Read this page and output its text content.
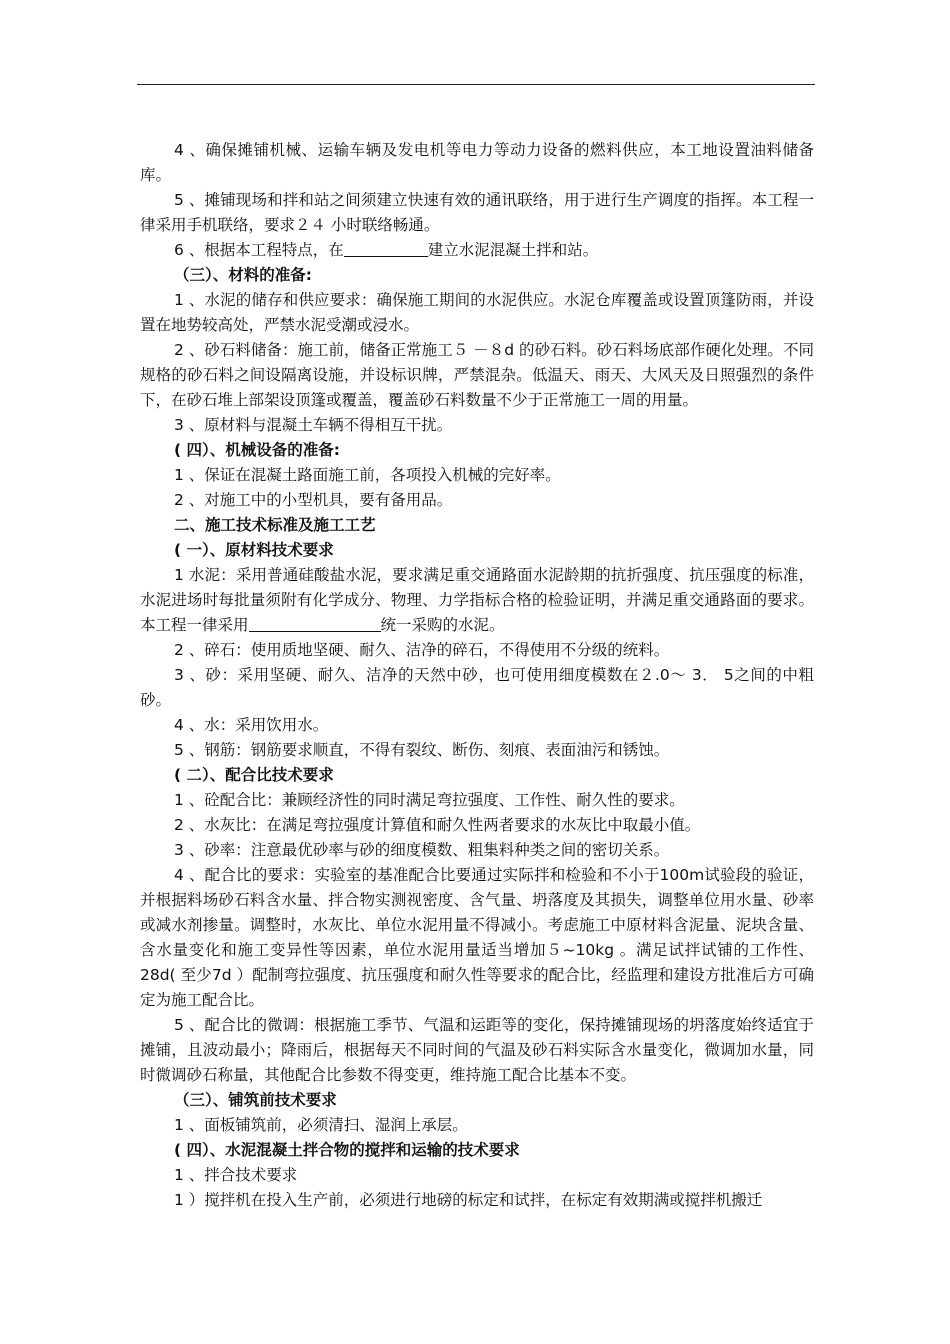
4 、确保摊铺机械、运输车辆及发电机等电力等动力设备的燃料供应，本工地设置油料储备库。

5 、摊铺现场和拌和站之间须建立快速有效的通讯联络，用于进行生产调度的指挥。本工程一律采用手机联络，要求２４ 小时联络畅通。

6 、根据本工程特点，在	建立水泥混凝土拌和站。

（三）、材料的准备:

1 、水泥的储存和供应要求：确保施工期间的水泥供应。水泥仓库覆盖或设置顶篷防雨，并设置在地势较高处，严禁水泥受潮或浸水。

2 、砂石料储备：施工前，储备正常施工５ －８d 的砂石料。砂石料场底部作硬化处理。不同规格的砂石料之间设隔离设施，并设标识牌，严禁混杂。低温天、雨天、大风天及日照强烈的条件下，在砂石堆上部架设顶篷或覆盖，覆盖砂石料数量不少于正常施工一周的用量。

3 、原材料与混凝土车辆不得相互干扰。

( 四）、机械设备的准备:

1 、保证在混凝土路面施工前，各项投入机械的完好率。

2 、对施工中的小型机具，要有备用品。

二、施工技术标准及施工工艺

( 一）、原材料技术要求

1 水泥：采用普通硅酸盐水泥，要求满足重交通路面水泥龄期的抗折强度、抗压强度的标准，水泥进场时每批量须附有化学成分、物理、力学指标合格的检验证明，并满足重交通路面的要求。本工程一律采用	统一采购的水泥。

2 、碎石：使用质地坚硬、耐久、洁净的碎石，不得使用不分级的统料。

3 、砂：采用坚硬、耐久、洁净的天然中砂，也可使用细度模数在２.0～ 3． 5之间的中粗砂。

4 、水：采用饮用水。

5 、钢筋：钢筋要求顺直，不得有裂纹、断伤、刻痕、表面油污和锈蚀。

( 二）、配合比技术要求

1 、砼配合比：兼顾经济性的同时满足弯拉强度、工作性、耐久性的要求。

2 、水灰比：在满足弯拉强度计算值和耐久性两者要求的水灰比中取最小值。

3 、砂率：注意最优砂率与砂的细度模数、粗集料种类之间的密切关系。

4 、配合比的要求：实验室的基准配合比要通过实际拌和检验和不小于100m试验段的验证，并根据料场砂石料含水量、拌合物实测视密度、含气量、坍落度及其损失，调整单位用水量、砂率或减水剂掺量。调整时，水灰比、单位水泥用量不得减小。考虑施工中原材料含泥量、泥块含量、含水量变化和施工变异性等因素，单位水泥用量适当增加５~10kg 。满足试拌试铺的工作性、 28d( 至少7d ）配制弯拉强度、抗压强度和耐久性等要求的配合比，经监理和建设方批准后方可确定为施工配合比。

5 、配合比的微调：根据施工季节、气温和运距等的变化，保持摊铺现场的坍落度始终适宜于摊铺，且波动最小；降雨后，根据每天不同时间的气温及砂石料实际含水量变化，微调加水量，同时微调砂石称量，其他配合比参数不得变更，维持施工配合比基本不变。

（三）、铺筑前技术要求

1 、面板铺筑前，必须清扫、湿润上承层。

( 四）、水泥混凝土拌合物的搅拌和运输的技术要求

1 、拌合技术要求

1 ）搅拌机在投入生产前，必须进行地磅的标定和试拌，在标定有效期满或搅拌机搬迁
